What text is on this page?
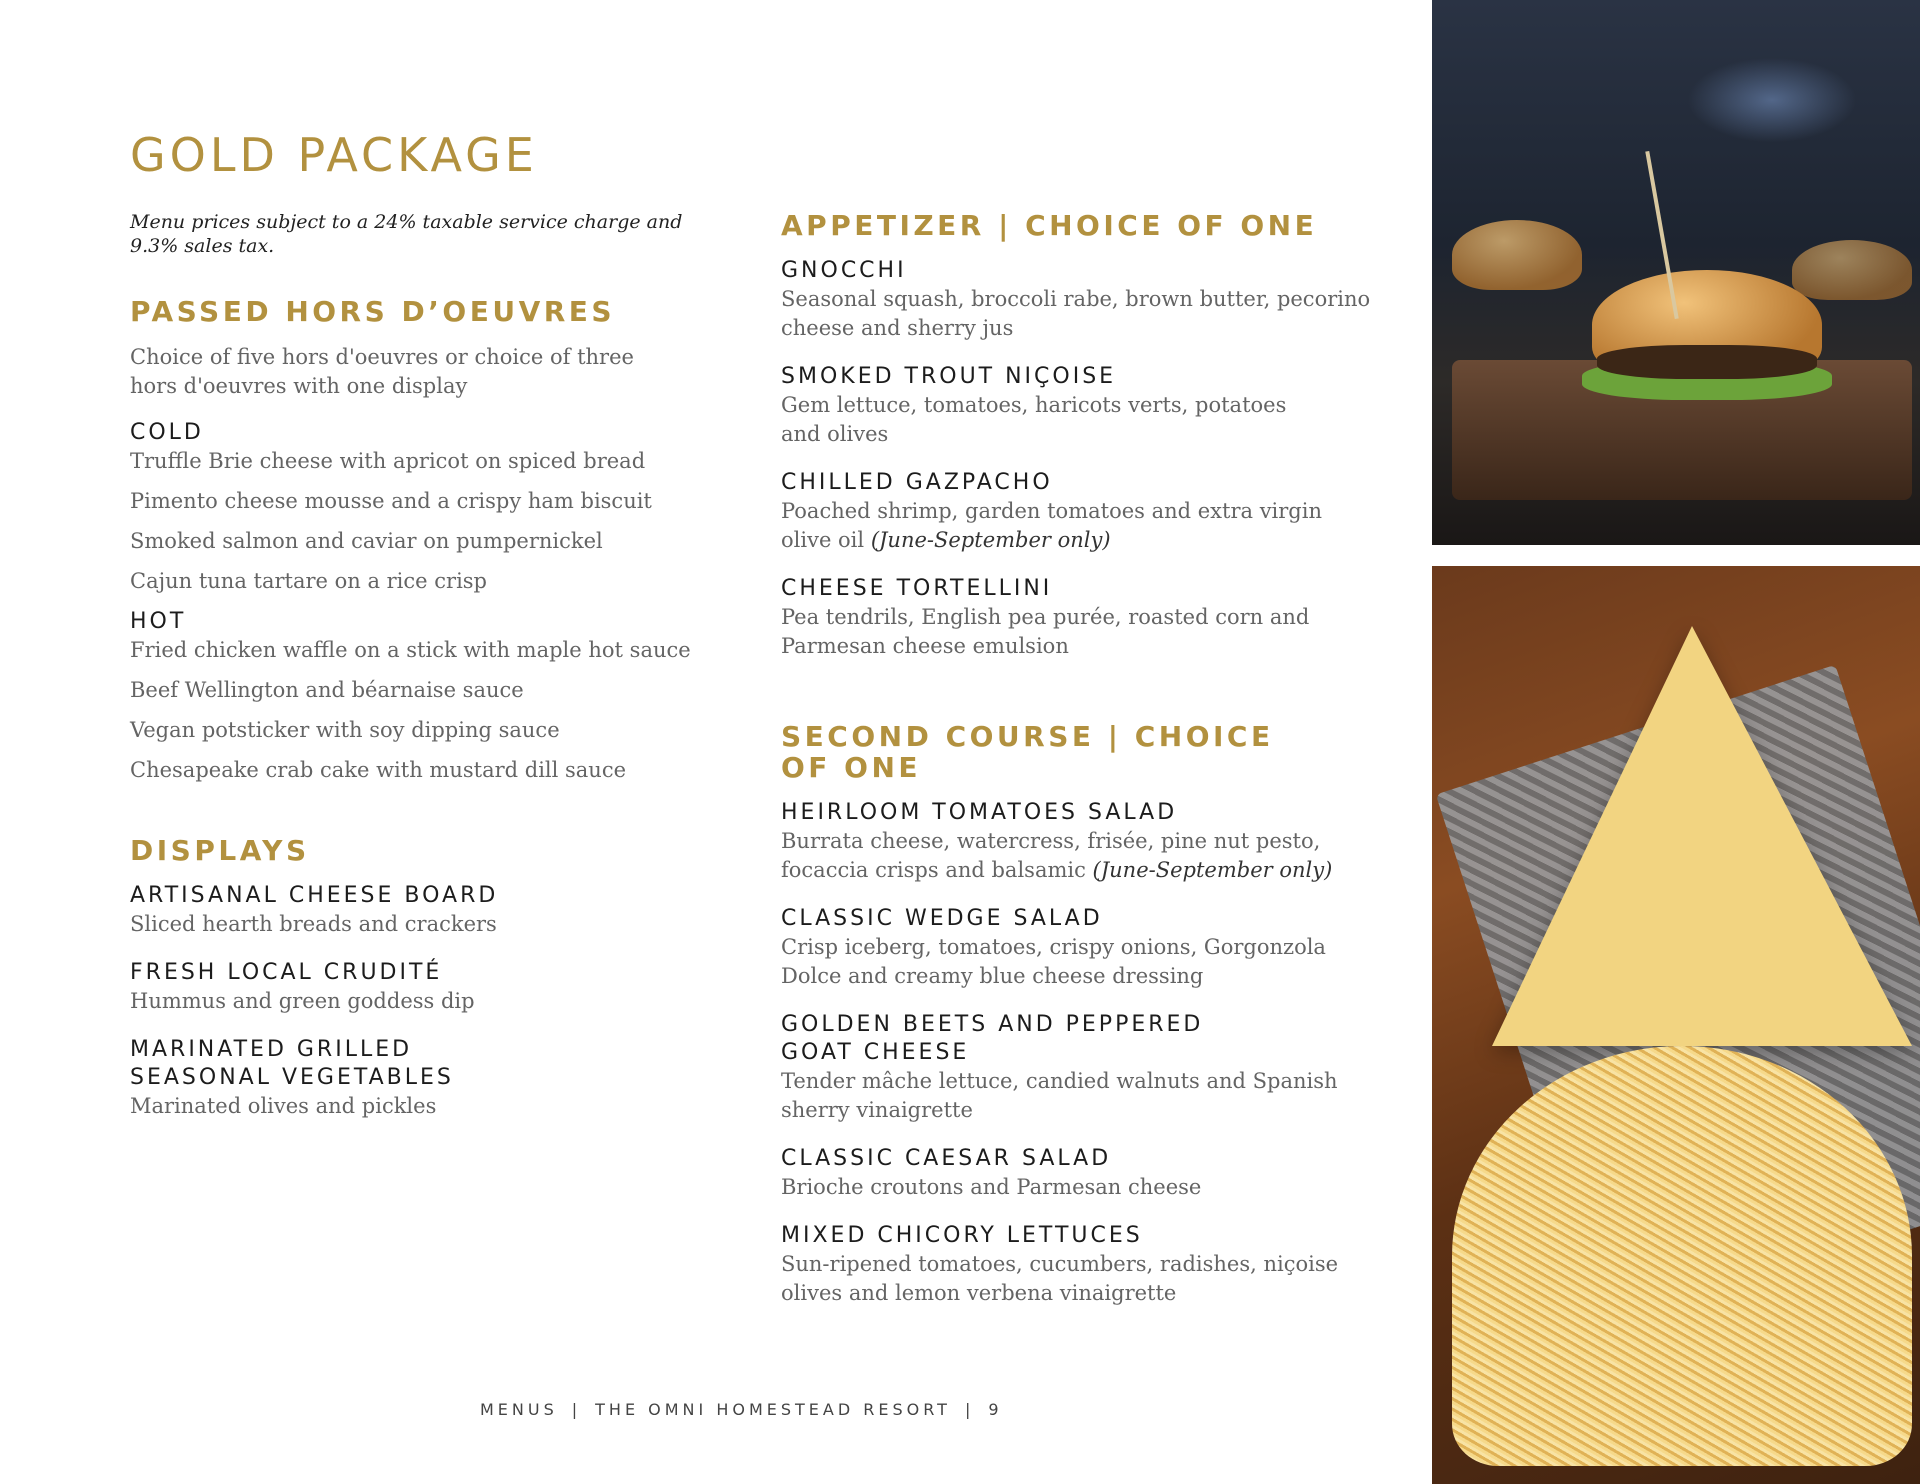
GOLD PACKAGE
Menu prices subject to a 24% taxable service charge and 9.3% sales tax.
PASSED HORS D’OEUVRES

Choice of five hors d'oeuvres or choice of three hors d'oeuvres with one display

COLD

Truffle Brie cheese with apricot on spiced bread

Pimento cheese mousse and a crispy ham biscuit

Smoked salmon and caviar on pumpernickel

Cajun tuna tartare on a rice crisp

HOT

Fried chicken waffle on a stick with maple hot sauce

Beef Wellington and béarnaise sauce

Vegan potsticker with soy dipping sauce

Chesapeake crab cake with mustard dill sauce

DISPLAYS

ARTISANAL CHEESE BOARD

Sliced hearth breads and crackers

FRESH LOCAL CRUDITÉ

Hummus and green goddess dip

MARINATED GRILLED SEASONAL VEGETABLES

Marinated olives and pickles
APPETIZER | CHOICE OF ONE

GNOCCHI

Seasonal squash, broccoli rabe, brown butter, pecorino cheese and sherry jus

SMOKED TROUT NIÇOISE

Gem lettuce, tomatoes, haricots verts, potatoes and olives

CHILLED GAZPACHO

Poached shrimp, garden tomatoes and extra virgin olive oil (June-September only)

CHEESE TORTELLINI

Pea tendrils, English pea purée, roasted corn and Parmesan cheese emulsion
SECOND COURSE | CHOICE OF ONE

HEIRLOOM TOMATOES SALAD

Burrata cheese, watercress, frisée, pine nut pesto, focaccia crisps and balsamic (June-September only)

CLASSIC WEDGE SALAD

Crisp iceberg, tomatoes, crispy onions, Gorgonzola Dolce and creamy blue cheese dressing

GOLDEN BEETS AND PEPPERED GOAT CHEESE

Tender mâche lettuce, candied walnuts and Spanish sherry vinaigrette

CLASSIC CAESAR SALAD

Brioche croutons and Parmesan cheese

MIXED CHICORY LETTUCES

Sun-ripened tomatoes, cucumbers, radishes, niçoise olives and lemon verbena vinaigrette
MENUS | THE OMNI HOMESTEAD RESORT | 9
